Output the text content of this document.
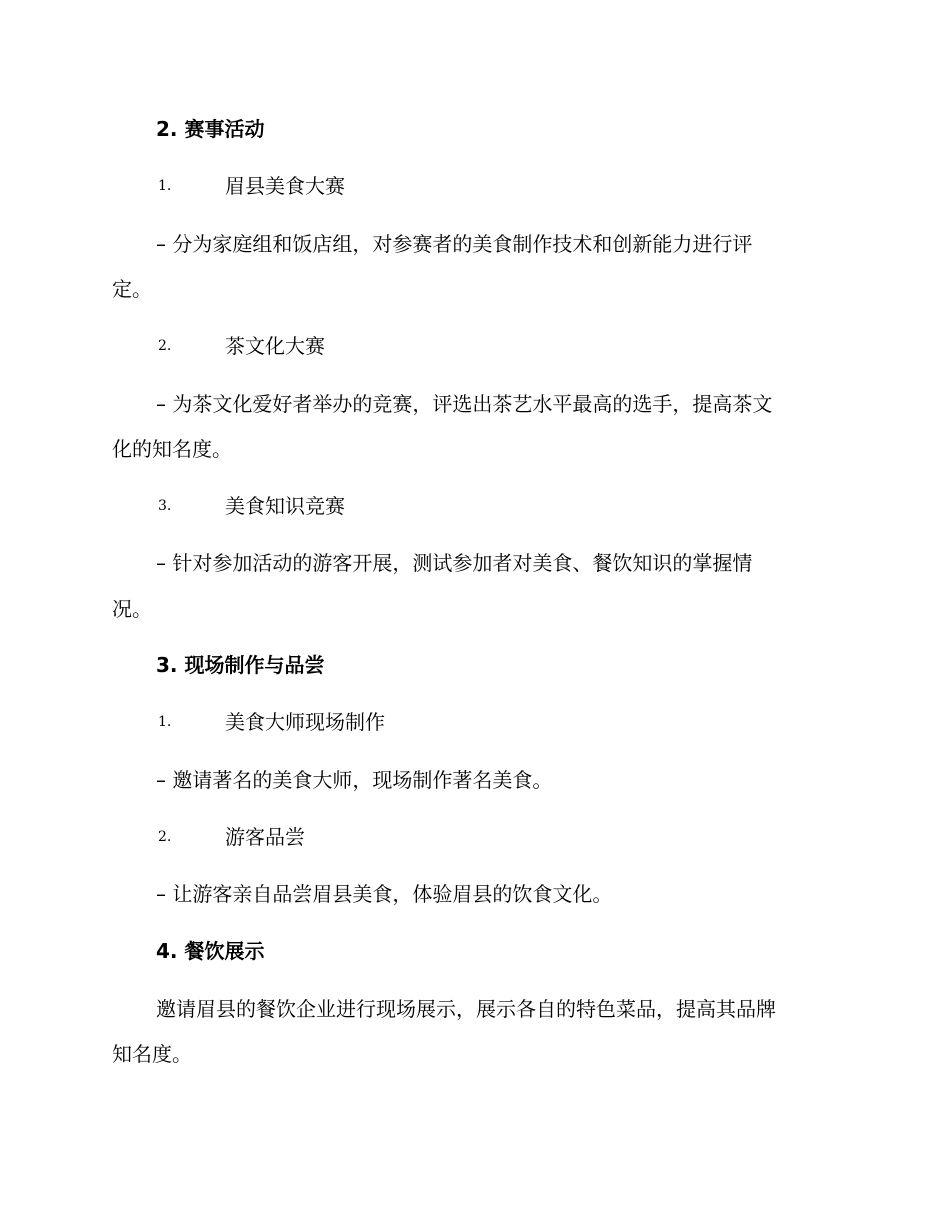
2. 赛事活动
1.	眉县美食大赛
– 分为家庭组和饭店组，对参赛者的美食制作技术和创新能力进行评
定。
2.	茶文化大赛
– 为茶文化爱好者举办的竞赛，评选出茶艺水平最高的选手，提高茶文
化的知名度。
3.	美食知识竞赛
– 针对参加活动的游客开展，测试参加者对美食、餐饮知识的掌握情
况。
3. 现场制作与品尝
1.	美食大师现场制作
– 邀请著名的美食大师，现场制作著名美食。
2.	游客品尝
– 让游客亲自品尝眉县美食，体验眉县的饮食文化。
4. 餐饮展示
邀请眉县的餐饮企业进行现场展示，展示各自的特色菜品，提高其品牌
知名度。
